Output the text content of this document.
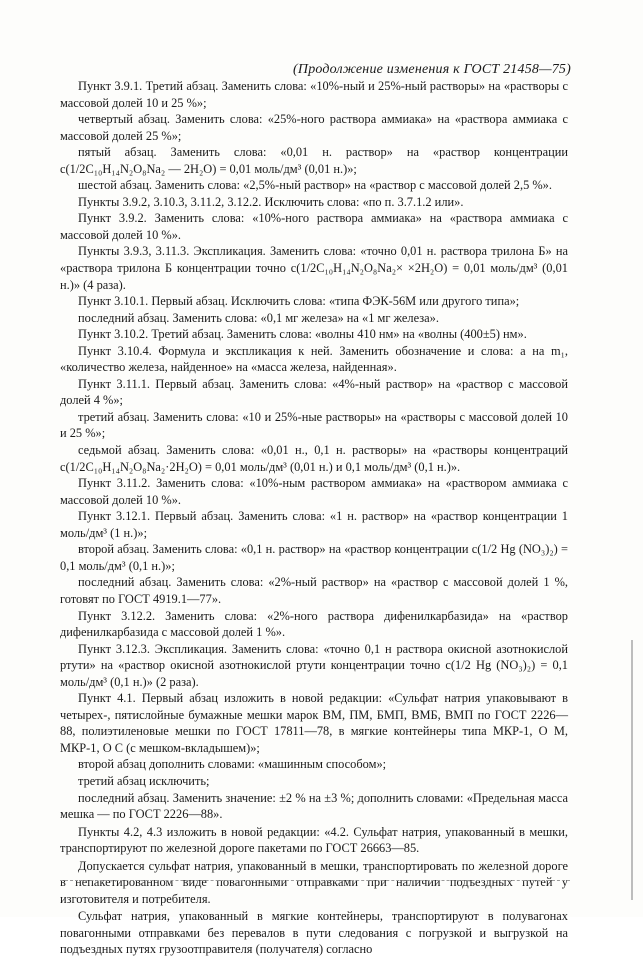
(Продолжение изменения к ГОСТ 21458—75)

Пункт 3.9.1. Третий абзац. Заменить слова: «10%-ный и 25%-ный растворы» на «растворы с массовой долей 10 и 25 %»;

четвертый абзац. Заменить слова: «25%-ного раствора аммиака» на «раствора аммиака с массовой долей 25 %»;

пятый абзац. Заменить слова: «0,01 н. раствор» на «раствор концентрации с(1/2C₁₀H₁₄N₂O₈Na₂ — 2H₂O) = 0,01 моль/дм³ (0,01 н.)»;

шестой абзац. Заменить слова: «2,5%-ный раствор» на «раствор с массовой долей 2,5 %».

Пункты 3.9.2, 3.10.3, 3.11.2, 3.12.2. Исключить слова: «по п. 3.7.1.2 или».

Пункт 3.9.2. Заменить слова: «10%-ного раствора аммиака» на «раствора аммиака с массовой долей 10 %».

Пункты 3.9.3, 3.11.3. Экспликация. Заменить слова: «точно 0,01 н. раствора трилона Б» на «раствора трилона Б концентрации точно с(1/2C₁₀H₁₄N₂O₈Na₂× ×2H₂O) = 0,01 моль/дм³ (0,01 н.)» (4 раза).

Пункт 3.10.1. Первый абзац. Исключить слова: «типа ФЭК-56М или другого типа»;

последний абзац. Заменить слова: «0,1 мг железа» на «1 мг железа».

Пункт 3.10.2. Третий абзац. Заменить слова: «волны 410 нм» на «волны (400±5) нм».

Пункт 3.10.4. Формула и экспликация к ней. Заменить обозначение и слова: a на m₁, «количество железа, найденное» на «масса железа, найденная».

Пункт 3.11.1. Первый абзац. Заменить слова: «4%-ный раствор» на «раствор с массовой долей 4 %»;

третий абзац. Заменить слова: «10 и 25%-ные растворы» на «растворы с массовой долей 10 и 25 %»;

седьмой абзац. Заменить слова: «0,01 н., 0,1 н. растворы» на «растворы концентраций с(1/2C₁₀H₁₄N₂O₈Na₂·2H₂O) = 0,01 моль/дм³ (0,01 н.) и 0,1 моль/дм³ (0,1 н.)».

Пункт 3.11.2. Заменить слова: «10%-ным раствором аммиака» на «раствором аммиака с массовой долей 10 %».

Пункт 3.12.1. Первый абзац. Заменить слова: «1 н. раствор» на «раствор концентрации 1 моль/дм³ (1 н.)»;

второй абзац. Заменить слова: «0,1 н. раствор» на «раствор концентрации с(1/2 Hg (NO₃)₂) = 0,1 моль/дм³ (0,1 н.)»;

последний абзац. Заменить слова: «2%-ный раствор» на «раствор с массовой долей 1 %, готовят по ГОСТ 4919.1—77».

Пункт 3.12.2. Заменить слова: «2%-ного раствора дифенилкарбазида» на «раствор дифенилкарбазида с массовой долей 1 %».

Пункт 3.12.3. Экспликация. Заменить слова: «точно 0,1 н раствора окисной азотнокислой ртути» на «раствор окисной азотнокислой ртути концентрации точно с(1/2 Hg (NO₃)₂) = 0,1 моль/дм³ (0,1 н.)» (2 раза).

Пункт 4.1. Первый абзац изложить в новой редакции: «Сульфат натрия упаковывают в четырех-, пятислойные бумажные мешки марок ВМ, ПМ, БМП, ВМБ, ВМП по ГОСТ 2226—88, полиэтиленовые мешки по ГОСТ 17811—78, в мягкие контейнеры типа МКР-1, О М, МКР-1, О С (с мешком-вкладышем)»;

второй абзац дополнить словами: «машинным способом»;

третий абзац исключить;

последний абзац. Заменить значение: ±2 % на ±3 %; дополнить словами: «Предельная масса мешка — по ГОСТ 2226—88».

Пункты 4.2, 4.3 изложить в новой редакции: «4.2. Сульфат натрия, упакованный в мешки, транспортируют по железной дороге пакетами по ГОСТ 26663—85.

Допускается сульфат натрия, упакованный в мешки, транспортировать по железной дороге в непакетированном виде повагонными отправками при наличии подъездных путей у изготовителя и потребителя.

Сульфат натрия, упакованный в мягкие контейнеры, транспортируют в полувагонах повагонными отправками без перевалов в пути следования с погрузкой и выгрузкой на подъездных путях грузоотправителя (получателя) согласно
